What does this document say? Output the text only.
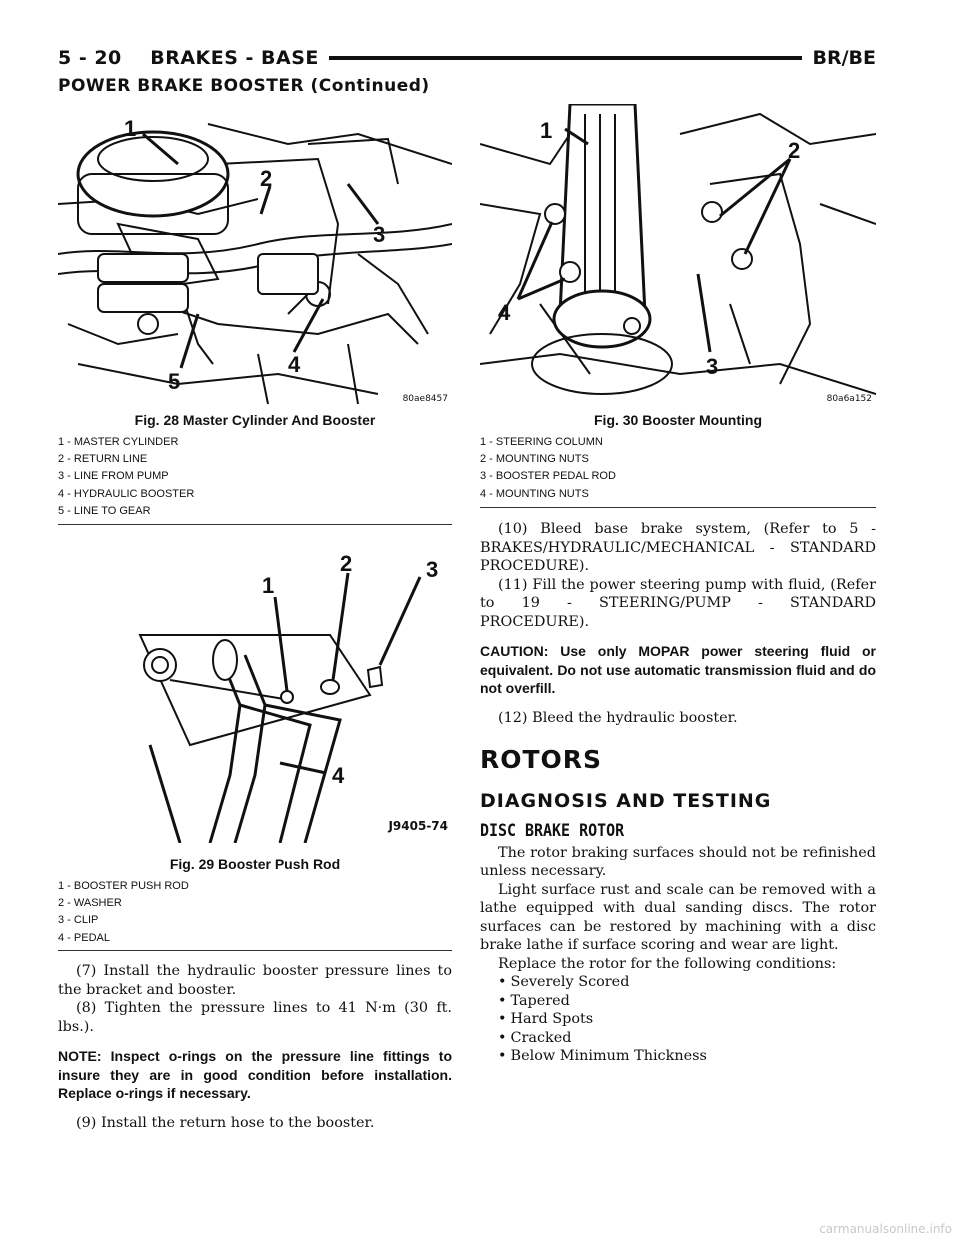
5 - 20    BRAKES - BASE	BR/BE
POWER BRAKE BOOSTER (Continued)
1
2
3
4
5
80ae8457
Fig. 28 Master Cylinder And Booster
1 - MASTER CYLINDER
2 - RETURN LINE
3 - LINE FROM PUMP
4 - HYDRAULIC BOOSTER
5 - LINE TO GEAR
1
2	3
4
J9405-74
Fig. 29 Booster Push Rod
1 - BOOSTER PUSH ROD
2 - WASHER
3 - CLIP
4 - PEDAL

(7) Install the hydraulic booster pressure lines to the bracket and booster.

(8) Tighten the pressure lines to 41 N·m (30 ft. lbs.).

NOTE: Inspect o-rings on the pressure line fittings to insure they are in good condition before installation. Replace o-rings if necessary.

(9) Install the return hose to the booster.

1
2
3
4
80a6a152
Fig. 30 Booster Mounting
1 - STEERING COLUMN
2 - MOUNTING NUTS
3 - BOOSTER PEDAL ROD
4 - MOUNTING NUTS

(10) Bleed base brake system, (Refer to 5 - BRAKES/HYDRAULIC/MECHANICAL - STANDARD PROCEDURE).

(11) Fill the power steering pump with fluid, (Refer to 19 - STEERING/PUMP - STANDARD PROCEDURE).

CAUTION: Use only MOPAR power steering fluid or equivalent. Do not use automatic transmission fluid and do not overfill.

(12) Bleed the hydraulic booster.

ROTORS
DIAGNOSIS AND TESTING
DISC BRAKE ROTOR

The rotor braking surfaces should not be refinished unless necessary.

Light surface rust and scale can be removed with a lathe equipped with dual sanding discs. The rotor surfaces can be restored by machining with a disc brake lathe if surface scoring and wear are light.

Replace the rotor for the following conditions:

• Severely Scored
• Tapered
• Hard Spots
• Cracked
• Below Minimum Thickness
carmanualsonline.info
